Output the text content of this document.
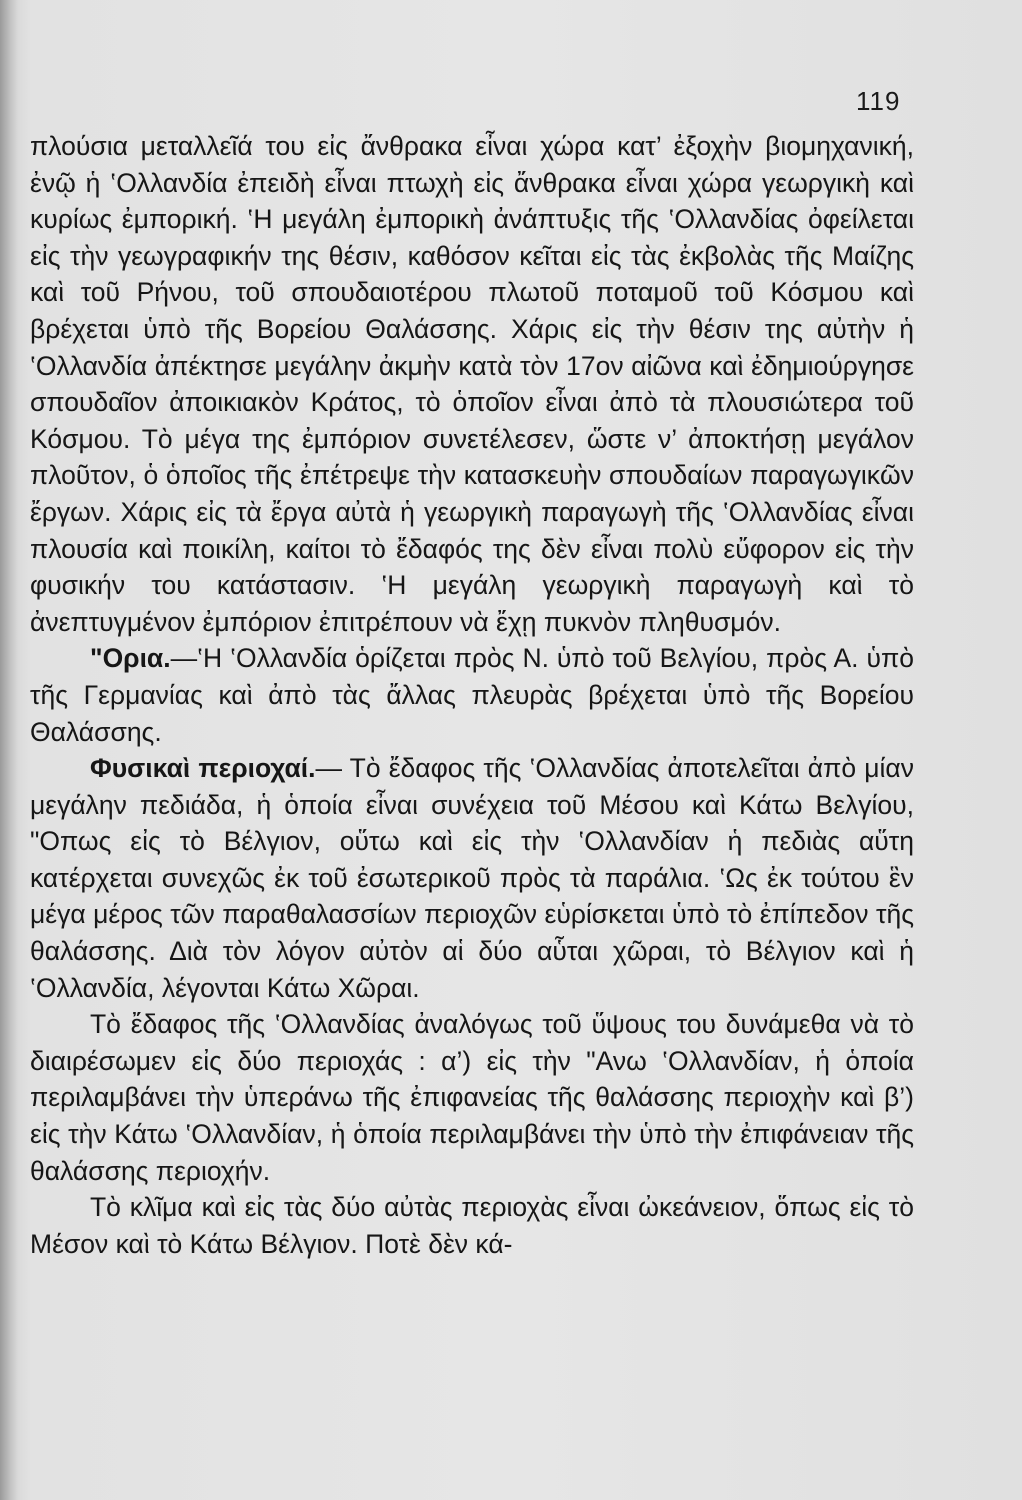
119

πλούσια μεταλλεῖά του εἰς ἄνθρακα εἶναι χώρα κατ’ ἐξοχὴν βιομηχανική, ἐνῷ ἡ ‛Ολλανδία ἐπειδὴ εἶναι πτωχὴ εἰς ἄνθρακα εἶναι χώρα γεωργικὴ καὶ κυρίως ἐμπορική. ‛Η μεγάλη ἐμπορικὴ ἀνάπτυξις τῆς ‛Ολλανδίας ὀφείλεται εἰς τὴν γεωγραφικήν της θέσιν, καθόσον κεῖται εἰς τὰς ἐκβολὰς τῆς Μαίζης καὶ τοῦ Ρήνου, τοῦ σπουδαιοτέρου πλωτοῦ ποταμοῦ τοῦ Κόσμου καὶ βρέχεται ὑπὸ τῆς Βορείου Θαλάσσης. Χάρις εἰς τὴν θέσιν της αὐτὴν ἡ ‛Ολλανδία ἀπέκτησε μεγάλην ἀκμὴν κατὰ τὸν 17ον αἰῶνα καὶ ἐδημιούργησε σπουδαῖον ἀποικιακὸν Κράτος, τὸ ὁποῖον εἶναι ἀπὸ τὰ πλουσιώτερα τοῦ Κόσμου. Τὸ μέγα της ἐμπόριον συνετέλεσεν, ὥστε ν’ ἀποκτήσῃ μεγάλον πλοῦτον, ὁ ὁποῖος τῆς ἐπέτρεψε τὴν κατασκευὴν σπουδαίων παραγωγικῶν ἔργων. Χάρις εἰς τὰ ἔργα αὐτὰ ἡ γεωργικὴ παραγωγὴ τῆς ‛Ολλανδίας εἶναι πλουσία καὶ ποικίλη, καίτοι τὸ ἔδαφός της δὲν εἶναι πολὺ εὔφορον εἰς τὴν φυσικήν του κατάστασιν. ‛Η μεγάλη γεωργικὴ παραγωγὴ καὶ τὸ ἀνεπτυγμένον ἐμπόριον ἐπιτρέπουν νὰ ἔχῃ πυκνὸν πληθυσμόν.

"Ορια.—‛Η ‛Ολλανδία ὁρίζεται πρὸς Ν. ὑπὸ τοῦ Βελγίου, πρὸς Α. ὑπὸ τῆς Γερμανίας καὶ ἀπὸ τὰς ἄλλας πλευρὰς βρέχεται ὑπὸ τῆς Βορείου Θαλάσσης.

Φυσικαὶ περιοχαί.— Τὸ ἔδαφος τῆς ‛Ολλανδίας ἀποτελεῖται ἀπὸ μίαν μεγάλην πεδιάδα, ἡ ὁποία εἶναι συνέχεια τοῦ Μέσου καὶ Κάτω Βελγίου, "Οπως εἰς τὸ Βέλγιον, οὕτω καὶ εἰς τὴν ‛Ολλανδίαν ἡ πεδιὰς αὕτη κατέρχεται συνεχῶς ἐκ τοῦ ἐσωτερικοῦ πρὸς τὰ παράλια. ‛Ως ἐκ τούτου ἓν μέγα μέρος τῶν παραθαλασσίων περιοχῶν εὑρίσκεται ὑπὸ τὸ ἐπίπεδον τῆς θαλάσσης. Διὰ τὸν λόγον αὐτὸν αἱ δύο αὗται χῶραι, τὸ Βέλγιον καὶ ἡ ‛Ολλανδία, λέγονται Κάτω Χῶραι.

Τὸ ἔδαφος τῆς ‛Ολλανδίας ἀναλόγως τοῦ ὕψους του δυνάμεθα νὰ τὸ διαιρέσωμεν εἰς δύο περιοχάς : α’) εἰς τὴν "Ανω ‛Ολλανδίαν, ἡ ὁποία περιλαμβάνει τὴν ὑπεράνω τῆς ἐπιφανείας τῆς θαλάσσης περιοχὴν καὶ β’) εἰς τὴν Κάτω ‛Ολλανδίαν, ἡ ὁποία περιλαμβάνει τὴν ὑπὸ τὴν ἐπιφάνειαν τῆς θαλάσσης περιοχήν.

Τὸ κλῖμα καὶ εἰς τὰς δύο αὐτὰς περιοχὰς εἶναι ὠκεάνειον, ὅπως εἰς τὸ Μέσον καὶ τὸ Κάτω Βέλγιον. Ποτὲ δὲν κά-
